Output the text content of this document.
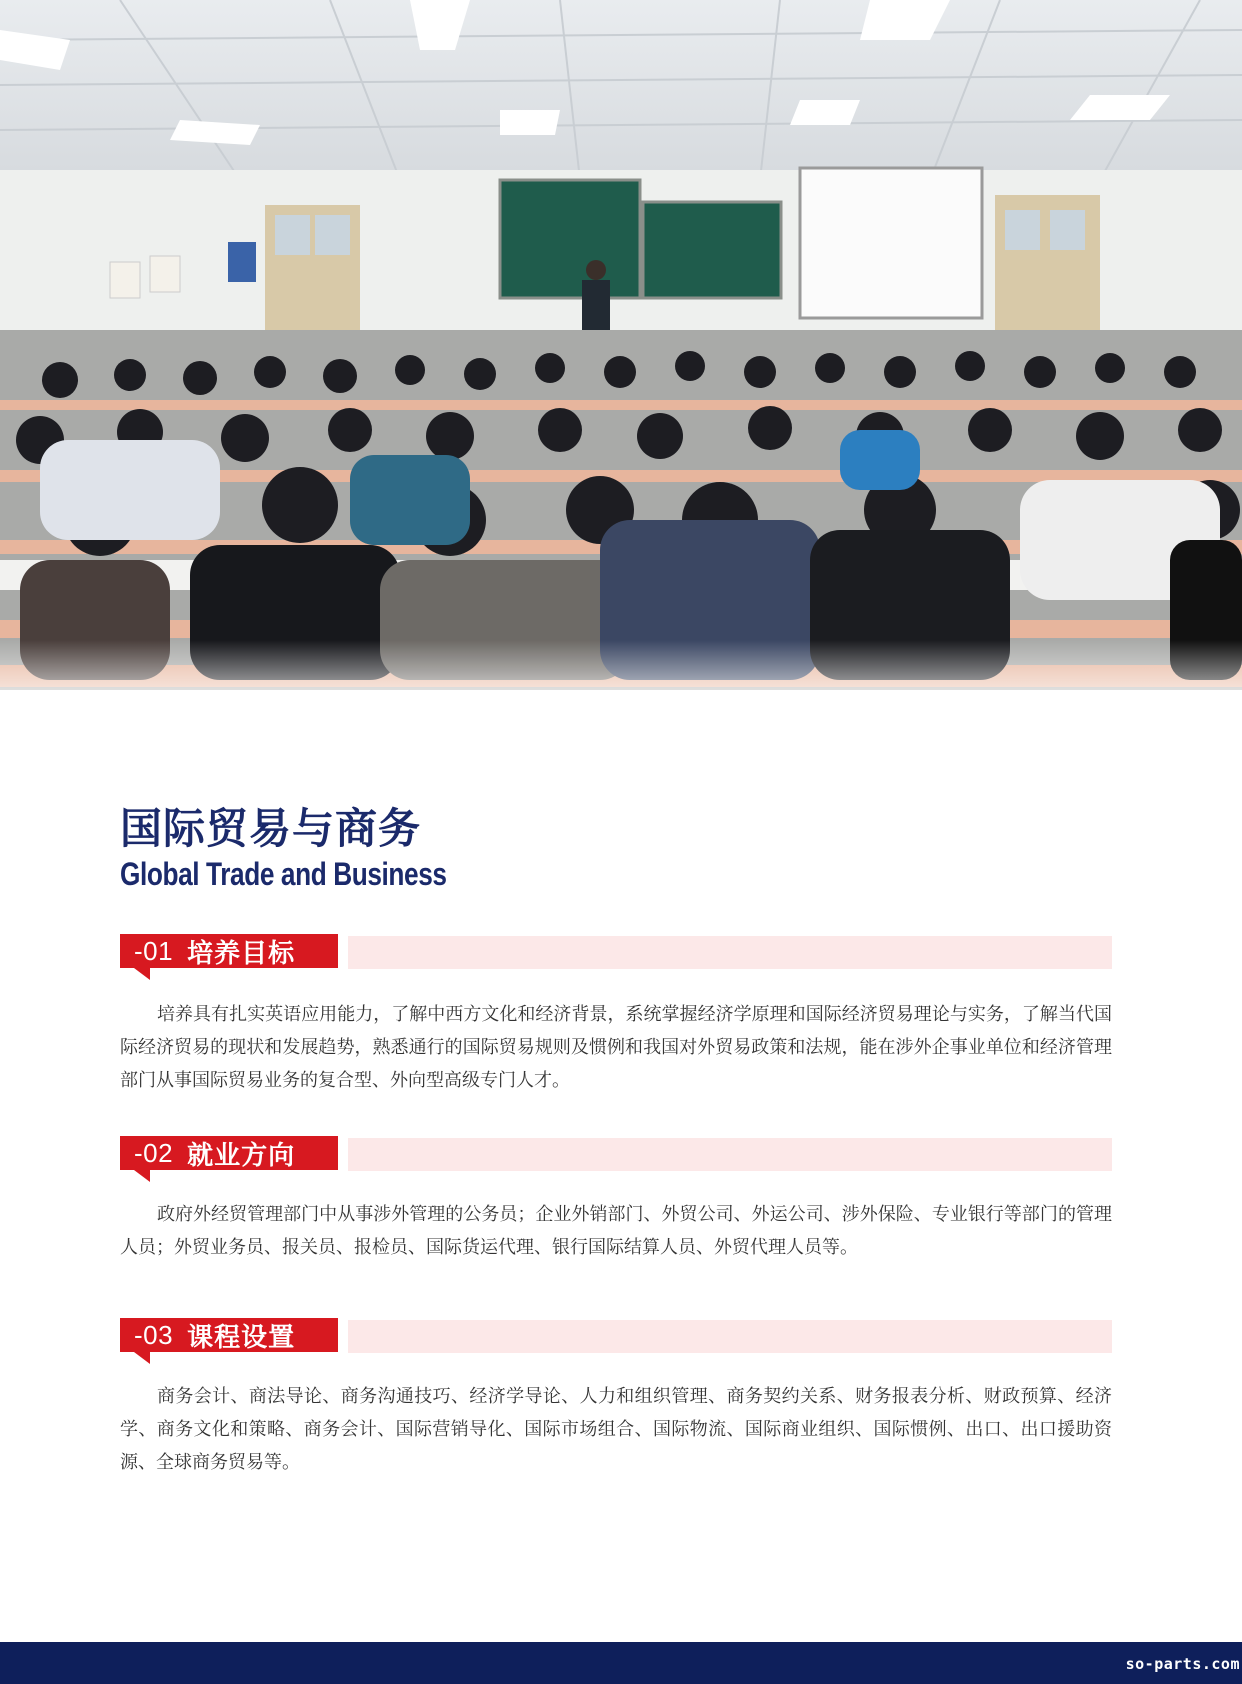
国际贸易与商务
Global Trade and Business
-01 培养目标

培养具有扎实英语应用能力，了解中西方文化和经济背景，系统掌握经济学原理和国际经济贸易理论与实务，了解当代国际经济贸易的现状和发展趋势，熟悉通行的国际贸易规则及惯例和我国对外贸易政策和法规，能在涉外企事业单位和经济管理部门从事国际贸易业务的复合型、外向型高级专门人才。

-02 就业方向

政府外经贸管理部门中从事涉外管理的公务员；企业外销部门、外贸公司、外运公司、涉外保险、专业银行等部门的管理人员；外贸业务员、报关员、报检员、国际货运代理、银行国际结算人员、外贸代理人员等。

-03 课程设置

商务会计、商法导论、商务沟通技巧、经济学导论、人力和组织管理、商务契约关系、财务报表分析、财政预算、经济学、商务文化和策略、商务会计、国际营销导化、国际市场组合、国际物流、国际商业组织、国际惯例、出口、出口援助资源、全球商务贸易等。

so-parts.com
